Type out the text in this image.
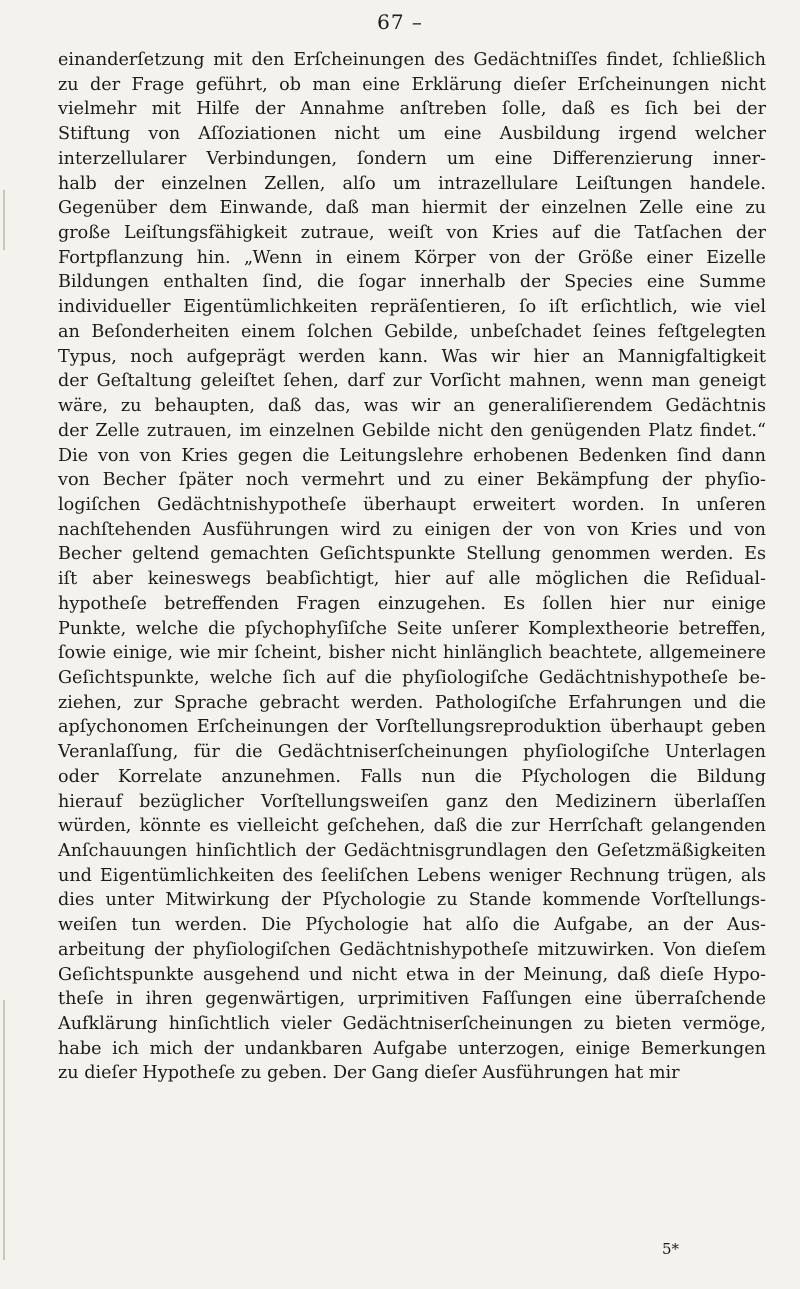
67 –
einanderſetzung mit den Erſcheinungen des Gedächtniſſes findet, ſchließlich
zu der Frage geführt, ob man eine Erklärung dieſer Erſcheinungen nicht
vielmehr mit Hilfe der Annahme anſtreben ſolle, daß es ſich bei der
Stiftung von Aſſoziationen nicht um eine Ausbildung irgend welcher
interzellularer Verbindungen, ſondern um eine Differenzierung inner-
halb der einzelnen Zellen, alſo um intrazellulare Leiſtungen handele.
Gegenüber dem Einwande, daß man hiermit der einzelnen Zelle eine zu
große Leiſtungsfähigkeit zutraue, weiſt von Kries auf die Tatſachen der
Fortpflanzung hin. „Wenn in einem Körper von der Größe einer Eizelle
Bildungen enthalten ſind, die ſogar innerhalb der Species eine Summe
individueller Eigentümlichkeiten repräſentieren, ſo iſt erſichtlich, wie viel
an Beſonderheiten einem ſolchen Gebilde, unbeſchadet ſeines feſtgelegten
Typus, noch aufgeprägt werden kann. Was wir hier an Mannigfaltigkeit
der Geſtaltung geleiſtet ſehen, darf zur Vorſicht mahnen, wenn man geneigt
wäre, zu behaupten, daß das, was wir an generaliſierendem Gedächtnis
der Zelle zutrauen, im einzelnen Gebilde nicht den genügenden Platz findet.“
Die von von Kries gegen die Leitungslehre erhobenen Bedenken ſind dann
von Becher ſpäter noch vermehrt und zu einer Bekämpfung der phyſio-
logiſchen Gedächtnishypotheſe überhaupt erweitert worden. In unſeren
nachſtehenden Ausführungen wird zu einigen der von von Kries und von
Becher geltend gemachten Geſichtspunkte Stellung genommen werden. Es
iſt aber keineswegs beabſichtigt, hier auf alle möglichen die Reſidual-
hypotheſe betreffenden Fragen einzugehen. Es ſollen hier nur einige
Punkte, welche die pſychophyſiſche Seite unſerer Komplextheorie betreffen,
ſowie einige, wie mir ſcheint, bisher nicht hinlänglich beachtete, allgemeinere
Geſichtspunkte, welche ſich auf die phyſiologiſche Gedächtnishypotheſe be-
ziehen, zur Sprache gebracht werden. Pathologiſche Erfahrungen und die
apſychonomen Erſcheinungen der Vorſtellungsreproduktion überhaupt geben
Veranlaſſung, für die Gedächtniserſcheinungen phyſiologiſche Unterlagen
oder Korrelate anzunehmen. Falls nun die Pſychologen die Bildung
hierauf bezüglicher Vorſtellungsweiſen ganz den Medizinern überlaſſen
würden, könnte es vielleicht geſchehen, daß die zur Herrſchaft gelangenden
Anſchauungen hinſichtlich der Gedächtnisgrundlagen den Geſetzmäßigkeiten
und Eigentümlichkeiten des ſeeliſchen Lebens weniger Rechnung trügen, als
dies unter Mitwirkung der Pſychologie zu Stande kommende Vorſtellungs-
weiſen tun werden. Die Pſychologie hat alſo die Aufgabe, an der Aus-
arbeitung der phyſiologiſchen Gedächtnishypotheſe mitzuwirken. Von dieſem
Geſichtspunkte ausgehend und nicht etwa in der Meinung, daß dieſe Hypo-
theſe in ihren gegenwärtigen, urprimitiven Faſſungen eine überraſchende
Aufklärung hinſichtlich vieler Gedächtniserſcheinungen zu bieten vermöge,
habe ich mich der undankbaren Aufgabe unterzogen, einige Bemerkungen
zu dieſer Hypotheſe zu geben. Der Gang dieſer Ausführungen hat mir
5*
